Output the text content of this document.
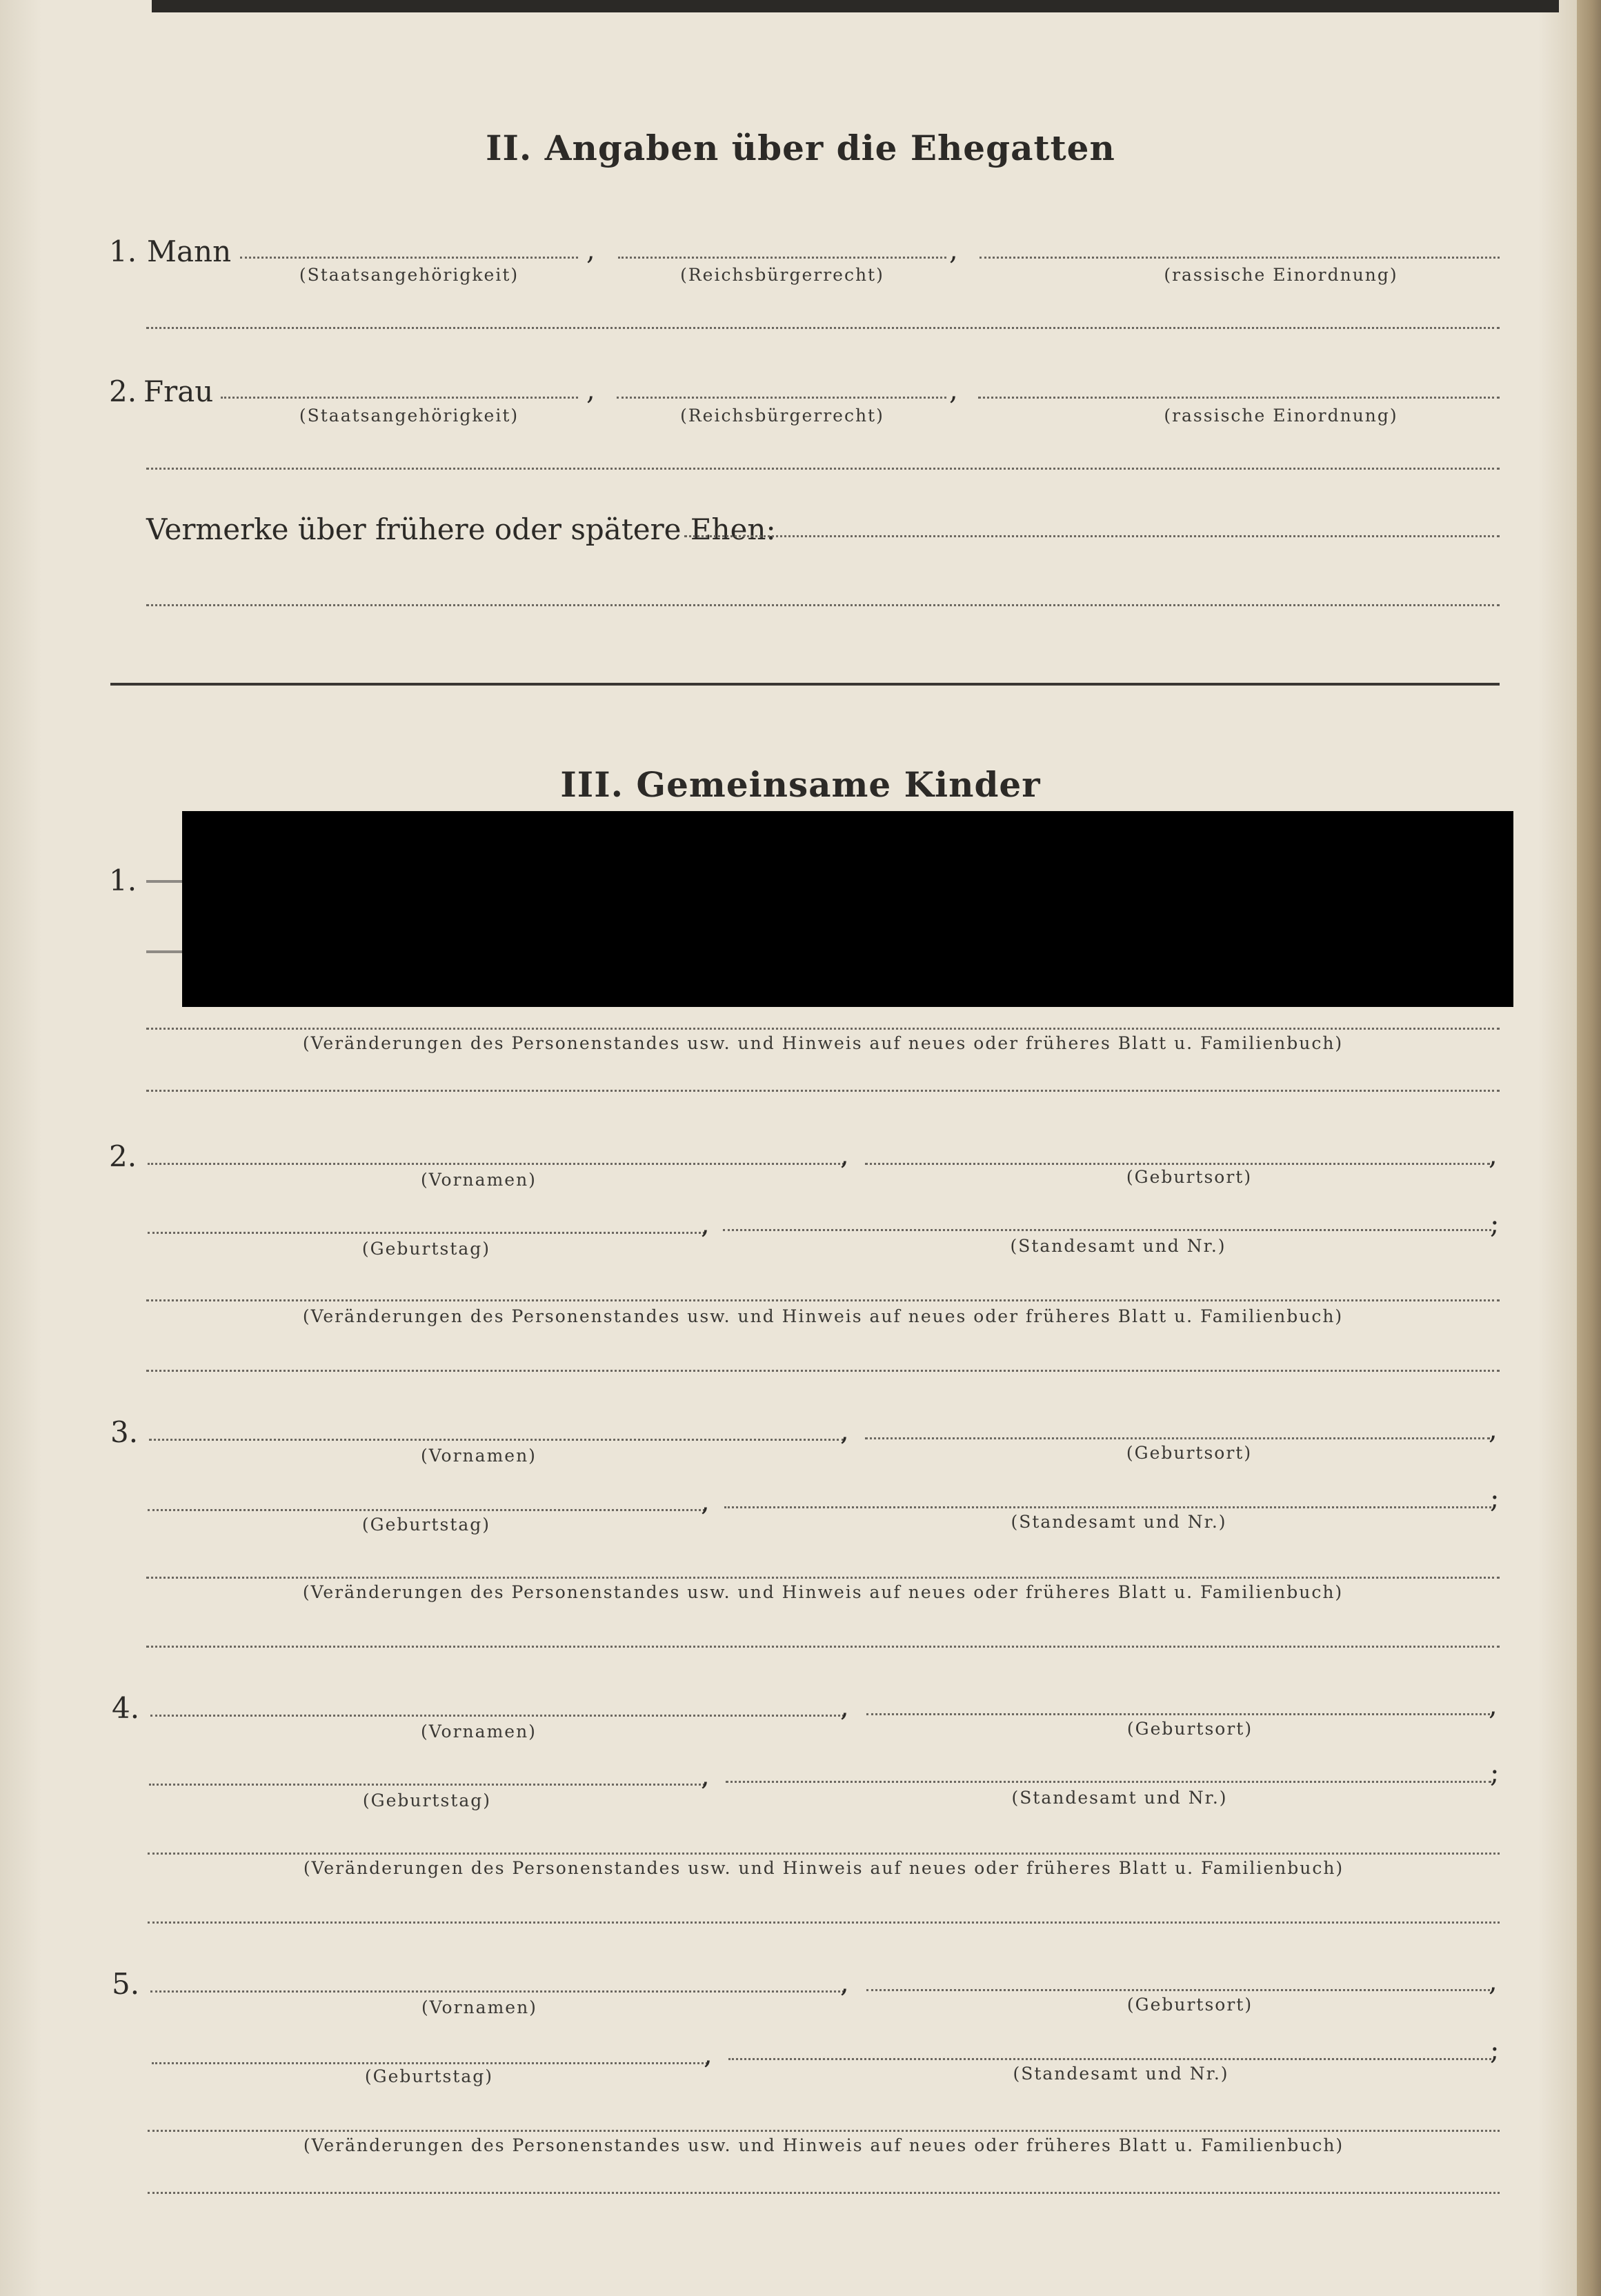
II. Angaben über die Ehegatten
1. Mann	,	,
(Staatsangehörigkeit)	(Reichsbürgerrecht)	(rassische Einordnung)
2. Frau	,	,
(Staatsangehörigkeit)	(Reichsbürgerrecht)	(rassische Einordnung)
Vermerke über frühere oder spätere Ehen:
III. Gemeinsame Kinder
1.
(Veränderungen des Personenstandes usw. und Hinweis auf neues oder früheres Blatt u. Familienbuch)
2.	,	,
(Vornamen)	(Geburtsort)
,	;
(Geburtstag)	(Standesamt und Nr.)
(Veränderungen des Personenstandes usw. und Hinweis auf neues oder früheres Blatt u. Familienbuch)
3.	,	,
(Vornamen)	(Geburtsort)
,	;
(Geburtstag)	(Standesamt und Nr.)
(Veränderungen des Personenstandes usw. und Hinweis auf neues oder früheres Blatt u. Familienbuch)
4.	,	,
(Vornamen)	(Geburtsort)
,	;
(Geburtstag)	(Standesamt und Nr.)
(Veränderungen des Personenstandes usw. und Hinweis auf neues oder früheres Blatt u. Familienbuch)
5.	,	,
(Vornamen)	(Geburtsort)
,	;
(Geburtstag)	(Standesamt und Nr.)
(Veränderungen des Personenstandes usw. und Hinweis auf neues oder früheres Blatt u. Familienbuch)
